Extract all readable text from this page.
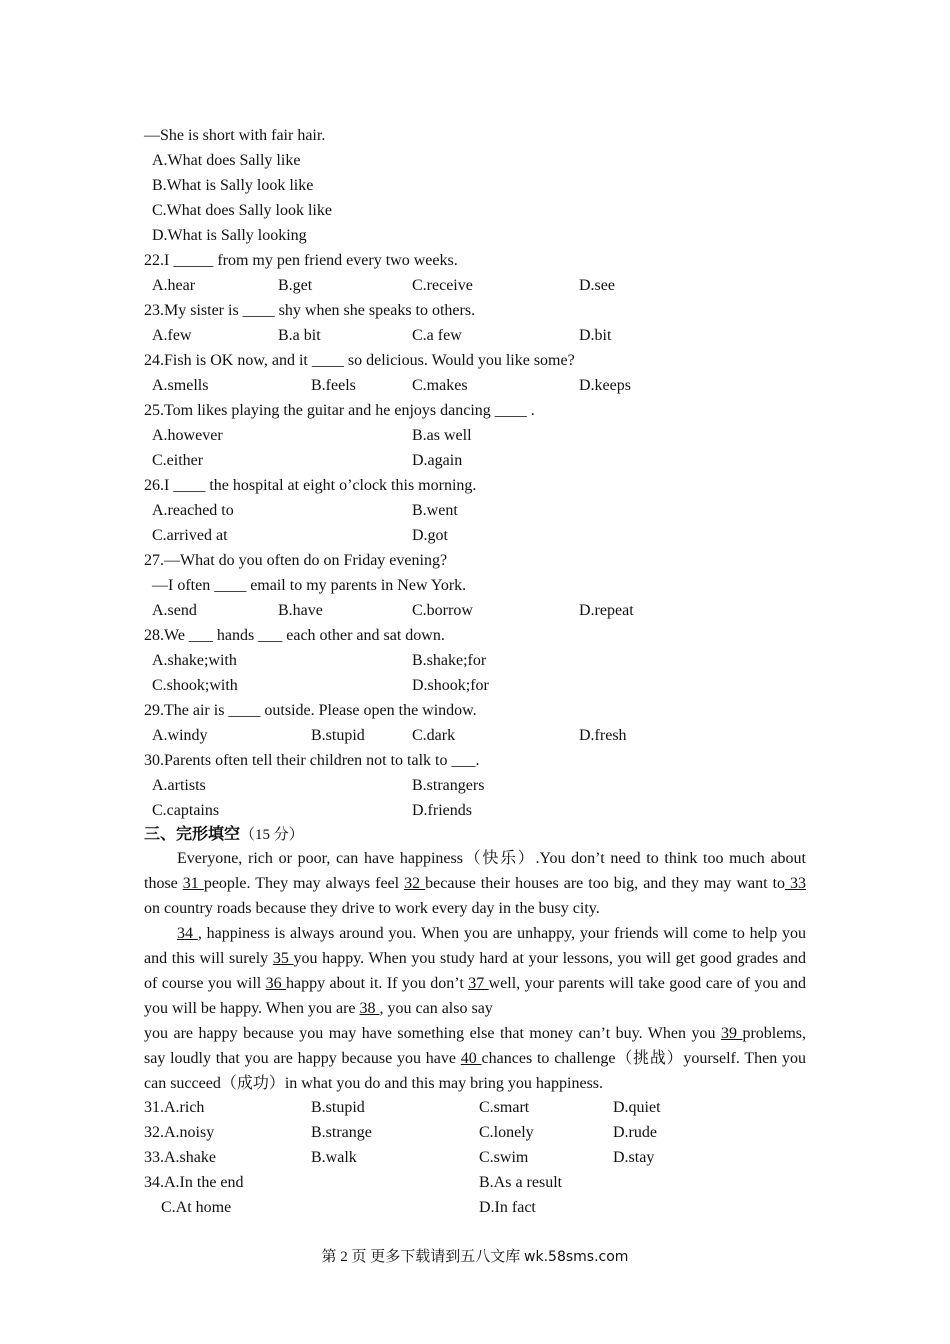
—She is short with fair hair.
A.What does Sally like
B.What is Sally look like
C.What does Sally look like
D.What is Sally looking
22.I _____ from my pen friend every two weeks.
A.hear	B.get	C.receive	D.see
23.My sister is ____ shy when she speaks to others.
A.few	B.a bit	C.a few	D.bit
24.Fish is OK now, and it ____ so delicious. Would you like some?
A.smells	B.feels	C.makes	D.keeps
25.Tom likes playing the guitar and he enjoys dancing ____ .
A.however	B.as well
C.either	D.again
26.I ____ the hospital at eight o’clock this morning.
A.reached to	B.went
C.arrived at	D.got
27.—What do you often do on Friday evening?
—I often ____ email to my parents in New York.
A.send	B.have	C.borrow	D.repeat
28.We ___ hands ___ each other and sat down.
A.shake;with	B.shake;for
C.shook;with	D.shook;for
29.The air is ____ outside. Please open the window.
A.windy	B.stupid	C.dark	D.fresh
30.Parents often tell their children not to talk to ___.
A.artists	B.strangers
C.captains	D.friends
三、完形填空（15 分）
Everyone, rich or poor, can have happiness（快乐）.You don’t need to think too much about those 31 people. They may always feel 32 because their houses are too big, and they may want to 33 on country roads because they drive to work every day in the busy city.
34 , happiness is always around you. When you are unhappy, your friends will come to help you and this will surely 35 you happy. When you study hard at your lessons, you will get good grades and of course you will 36 happy about it. If you don’t 37 well, your parents will take good care of you and you will be happy. When you are 38 , you can also say
you are happy because you may have something else that money can’t buy. When you 39 problems, say loudly that you are happy because you have 40 chances to challenge（挑战）yourself. Then you can succeed（成功）in what you do and this may bring you happiness.
31.A.rich	B.stupid	C.smart	D.quiet
32.A.noisy	B.strange	C.lonely	D.rude
33.A.shake	B.walk	C.swim	D.stay
34.A.In the end	B.As a result
C.At home	D.In fact
第 2 页 更多下载请到五八文库 wk.58sms.com
